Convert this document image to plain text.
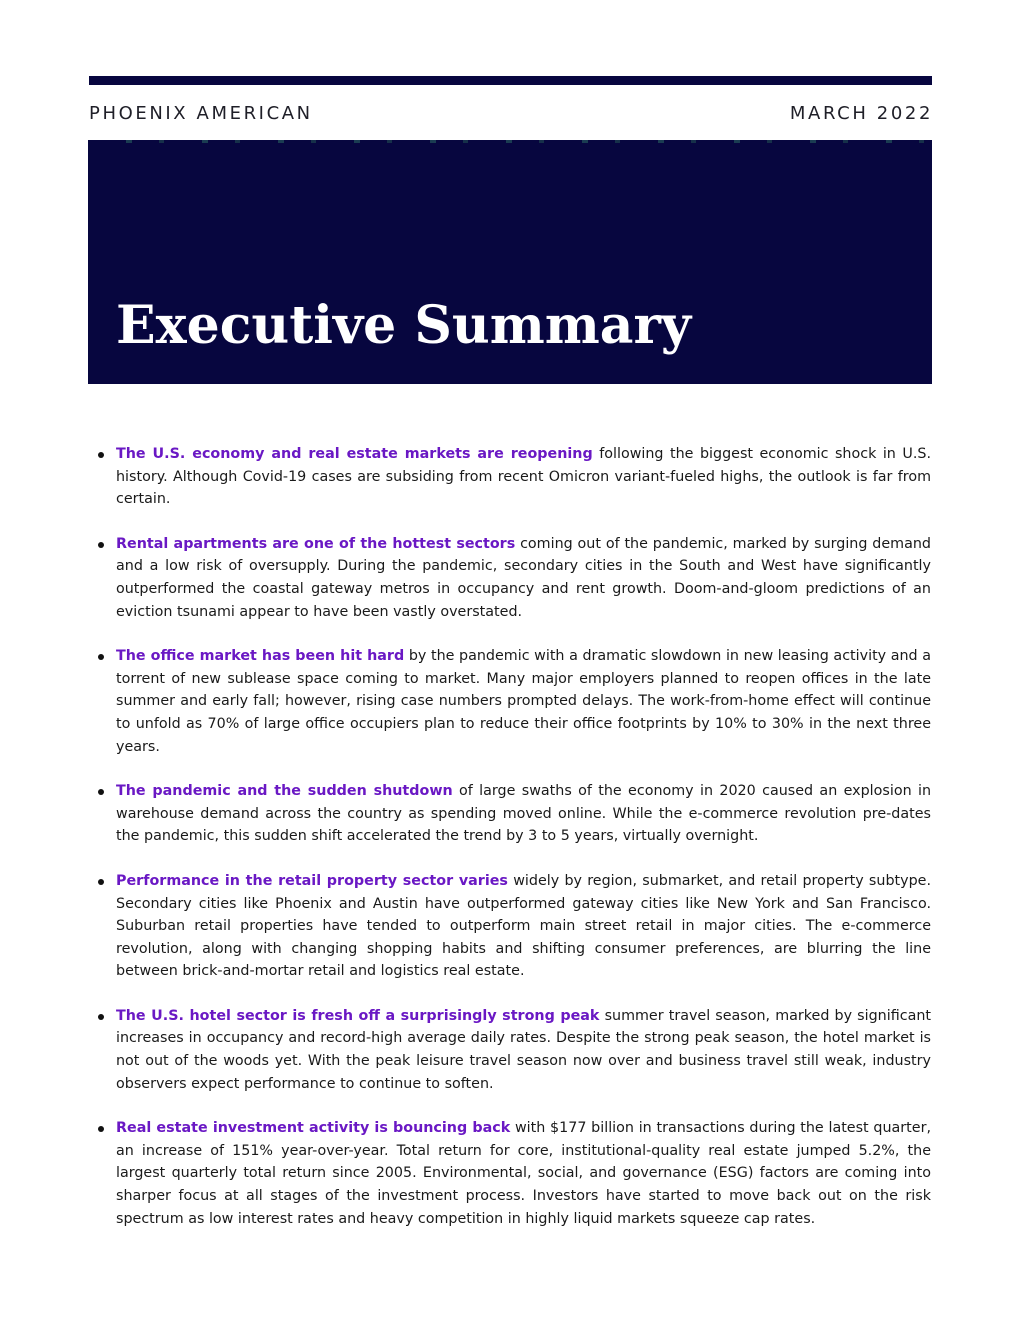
PHOENIX AMERICAN	MARCH 2022
Executive Summary
The U.S. economy and real estate markets are reopening following the biggest economic shock in U.S. history. Although Covid-19 cases are subsiding from recent Omicron variant-fueled highs, the outlook is far from certain.
Rental apartments are one of the hottest sectors coming out of the pandemic, marked by surging demand and a low risk of oversupply. During the pandemic, secondary cities in the South and West have significantly outperformed the coastal gateway metros in occupancy and rent growth. Doom-and-gloom predictions of an eviction tsunami appear to have been vastly overstated.
The office market has been hit hard by the pandemic with a dramatic slowdown in new leasing activity and a torrent of new sublease space coming to market. Many major employers planned to reopen offices in the late summer and early fall; however, rising case numbers prompted delays. The work-from-home effect will continue to unfold as 70% of large office occupiers plan to reduce their office footprints by 10% to 30% in the next three years.
The pandemic and the sudden shutdown of large swaths of the economy in 2020 caused an explosion in warehouse demand across the country as spending moved online. While the e-commerce revolution pre-dates the pandemic, this sudden shift accelerated the trend by 3 to 5 years, virtually overnight.
Performance in the retail property sector varies widely by region, submarket, and retail property subtype. Secondary cities like Phoenix and Austin have outperformed gateway cities like New York and San Francisco. Suburban retail properties have tended to outperform main street retail in major cities. The e-commerce revolution, along with changing shopping habits and shifting consumer preferences, are blurring the line between brick-and-mortar retail and logistics real estate.
The U.S. hotel sector is fresh off a surprisingly strong peak summer travel season, marked by significant increases in occupancy and record-high average daily rates. Despite the strong peak season, the hotel market is not out of the woods yet. With the peak leisure travel season now over and business travel still weak, industry observers expect performance to continue to soften.
Real estate investment activity is bouncing back with $177 billion in transactions during the latest quarter, an increase of 151% year-over-year. Total return for core, institutional-quality real estate jumped 5.2%, the largest quarterly total return since 2005. Environmental, social, and governance (ESG) factors are coming into sharper focus at all stages of the investment process. Investors have started to move back out on the risk spectrum as low interest rates and heavy competition in highly liquid markets squeeze cap rates.
